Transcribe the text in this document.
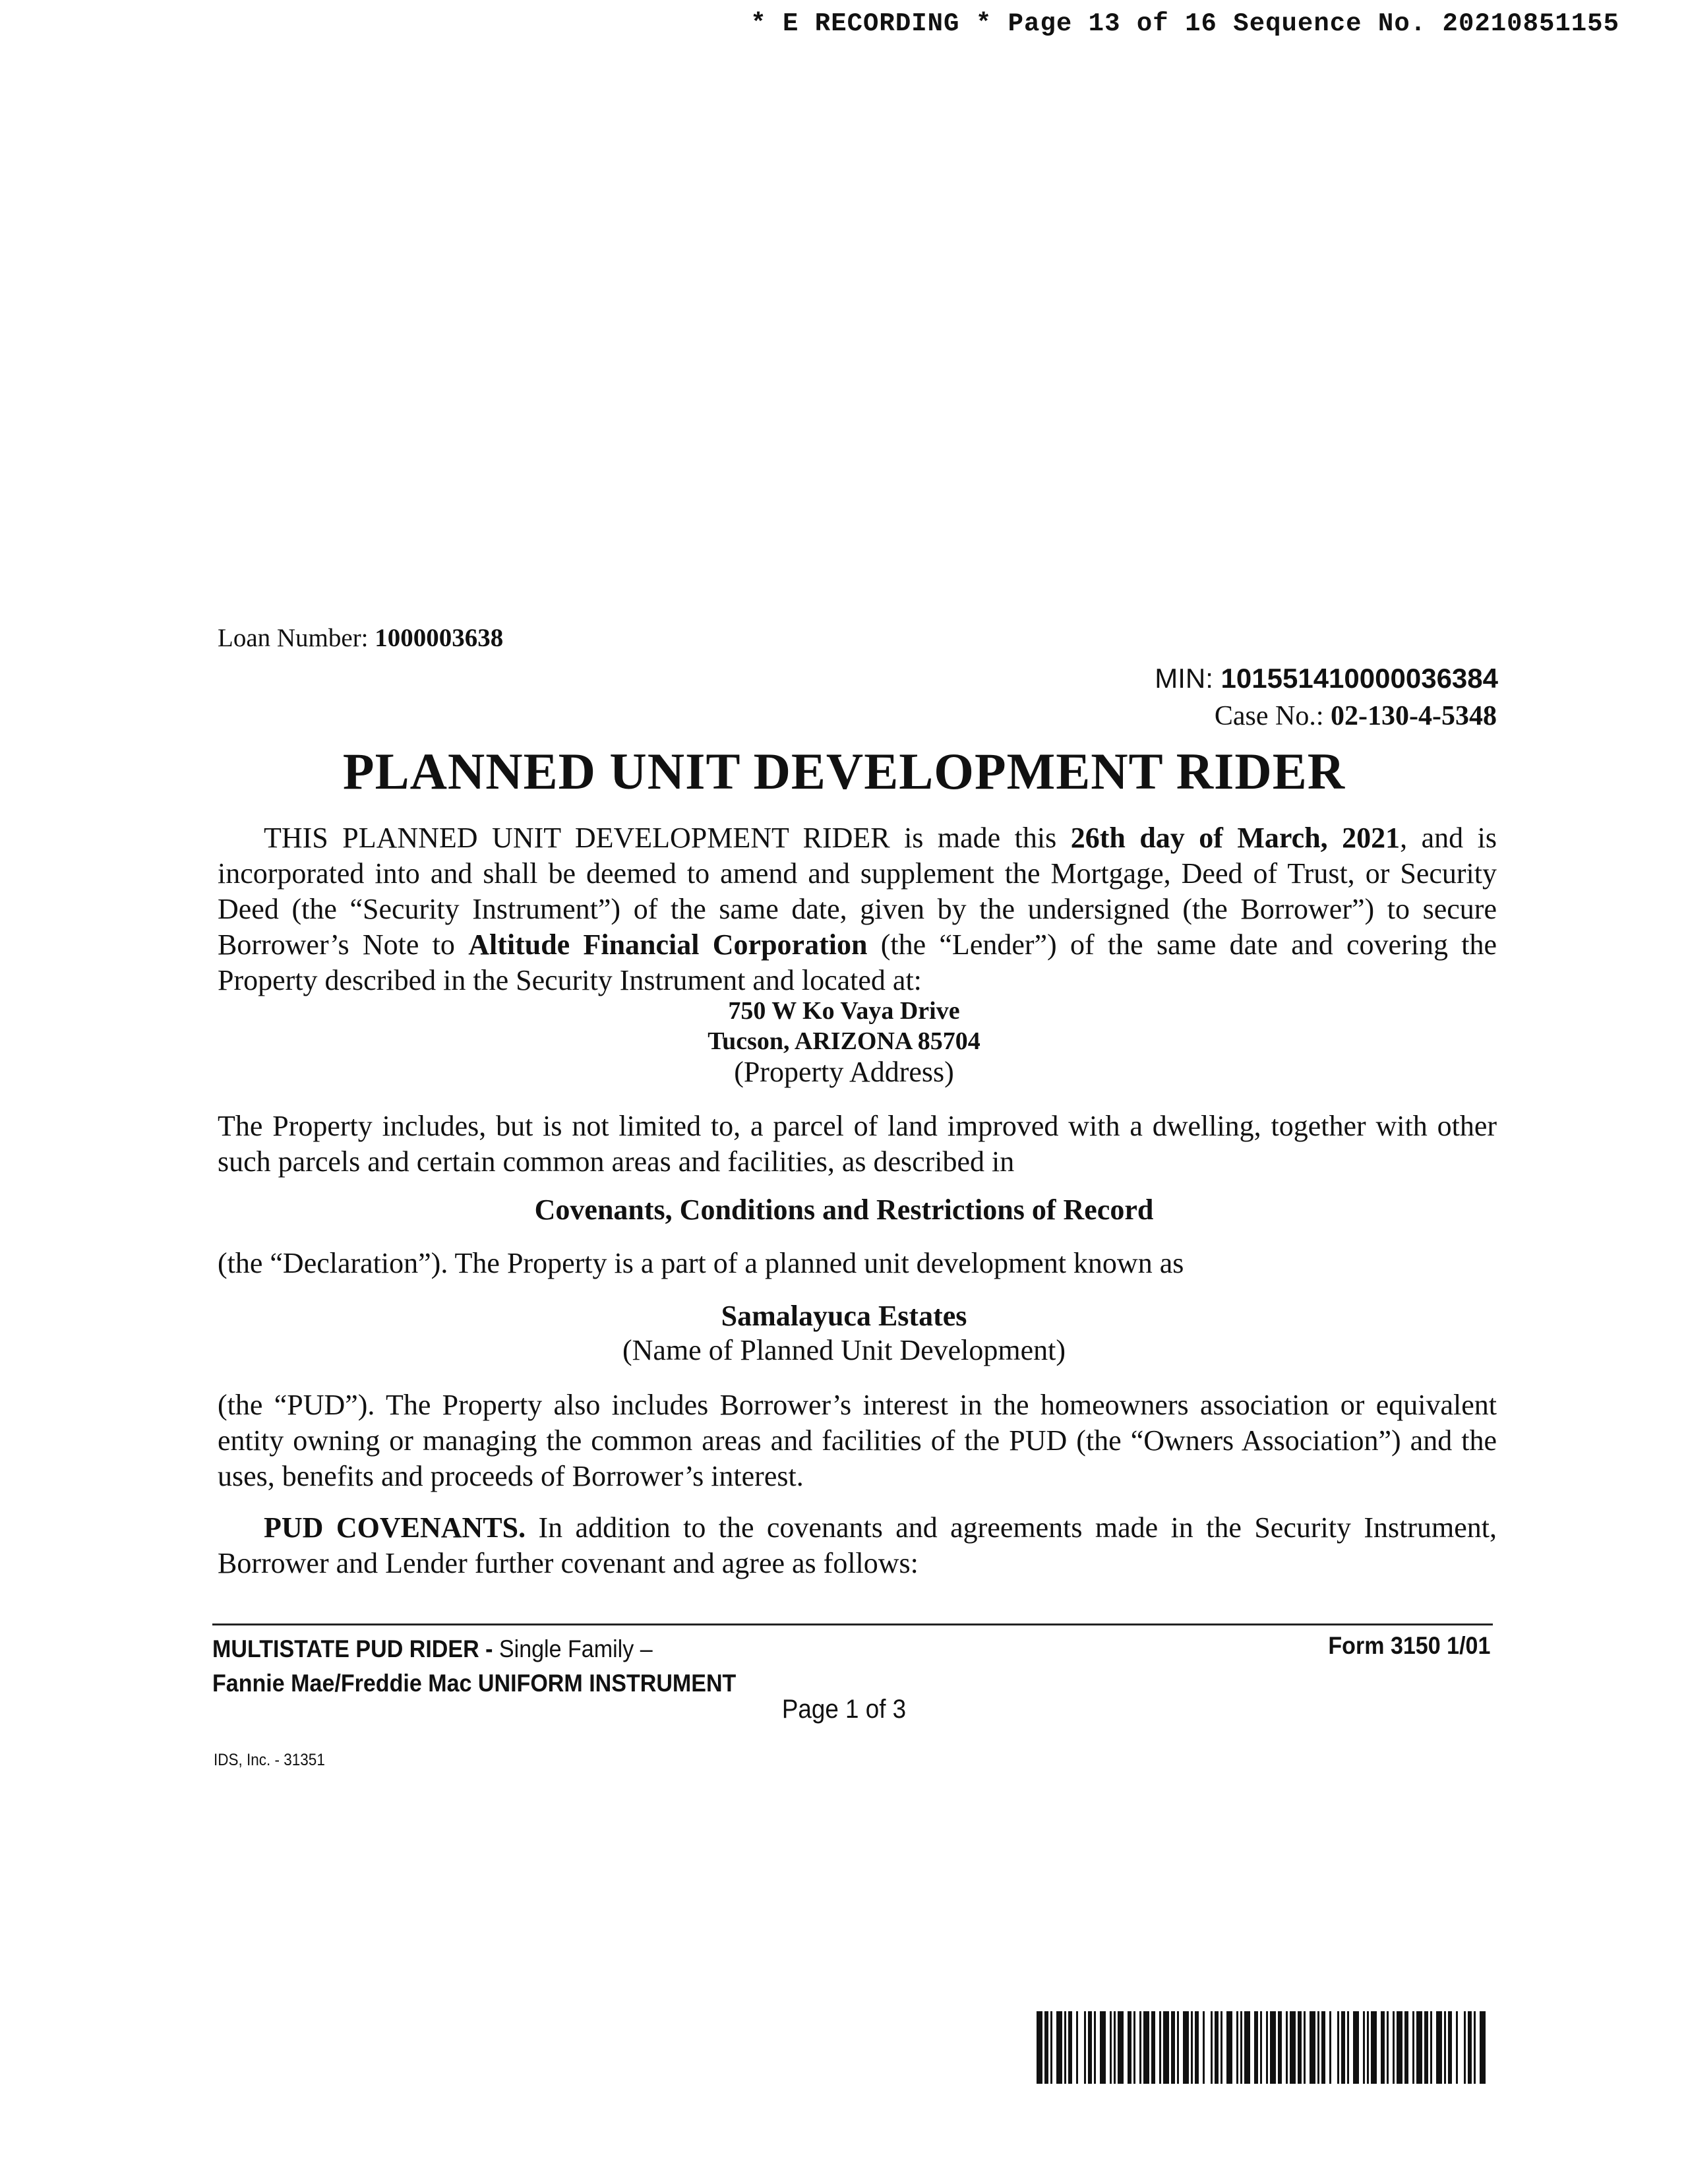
* E RECORDING * Page 13 of 16 Sequence No. 20210851155
Loan Number: 1000003638
MIN: 101551410000036384
Case No.: 02-130-4-5348
PLANNED UNIT DEVELOPMENT RIDER
THIS PLANNED UNIT DEVELOPMENT RIDER is made this 26th day of March, 2021, and is incorporated into and shall be deemed to amend and supplement the Mortgage, Deed of Trust, or Security Deed (the “Security Instrument”) of the same date, given by the undersigned (the Borrower”) to secure Borrower’s Note to Altitude Financial Corporation (the “Lender”) of the same date and covering the Property described in the Security Instrument and located at:
750 W Ko Vaya Drive
Tucson, ARIZONA 85704
(Property Address)
The Property includes, but is not limited to, a parcel of land improved with a dwelling, together with other such parcels and certain common areas and facilities, as described in
Covenants, Conditions and Restrictions of Record
(the “Declaration”). The Property is a part of a planned unit development known as
Samalayuca Estates
(Name of Planned Unit Development)
(the “PUD”). The Property also includes Borrower’s interest in the homeowners association or equivalent entity owning or managing the common areas and facilities of the PUD (the “Owners Association”) and the uses, benefits and proceeds of Borrower’s interest.
PUD COVENANTS. In addition to the covenants and agreements made in the Security Instrument, Borrower and Lender further covenant and agree as follows:
MULTISTATE PUD RIDER - Single Family –
Fannie Mae/Freddie Mac UNIFORM INSTRUMENT
Form 3150 1/01
Page 1 of 3
IDS, Inc. - 31351
